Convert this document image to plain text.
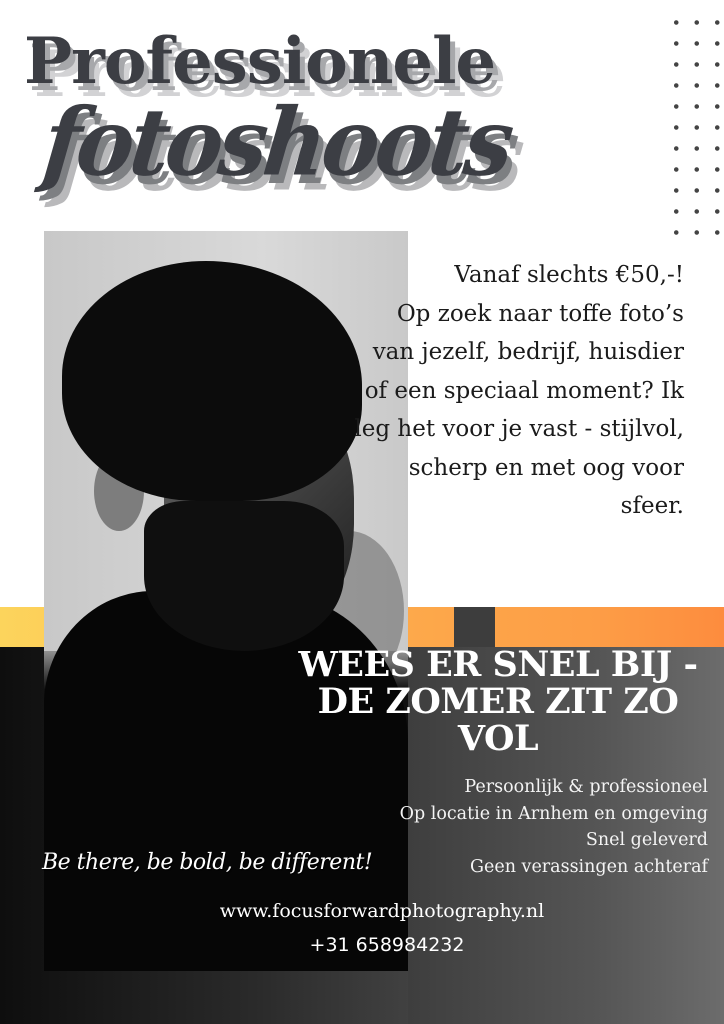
Professionele
fotoshoots
Vanaf slechts €50,-!
Op zoek naar toffe foto’s
van jezelf, bedrijf, huisdier
of een speciaal moment? Ik
leg het voor je vast - stijlvol,
scherp en met oog voor
sfeer.
WEES ER SNEL BIJ -
DE ZOMER ZIT ZO
VOL
Persoonlijk & professioneel
Op locatie in Arnhem en omgeving
Snel geleverd
Geen verassingen achteraf
Be there, be bold, be different!
www.focusforwardphotography.nl
+31 658984232
